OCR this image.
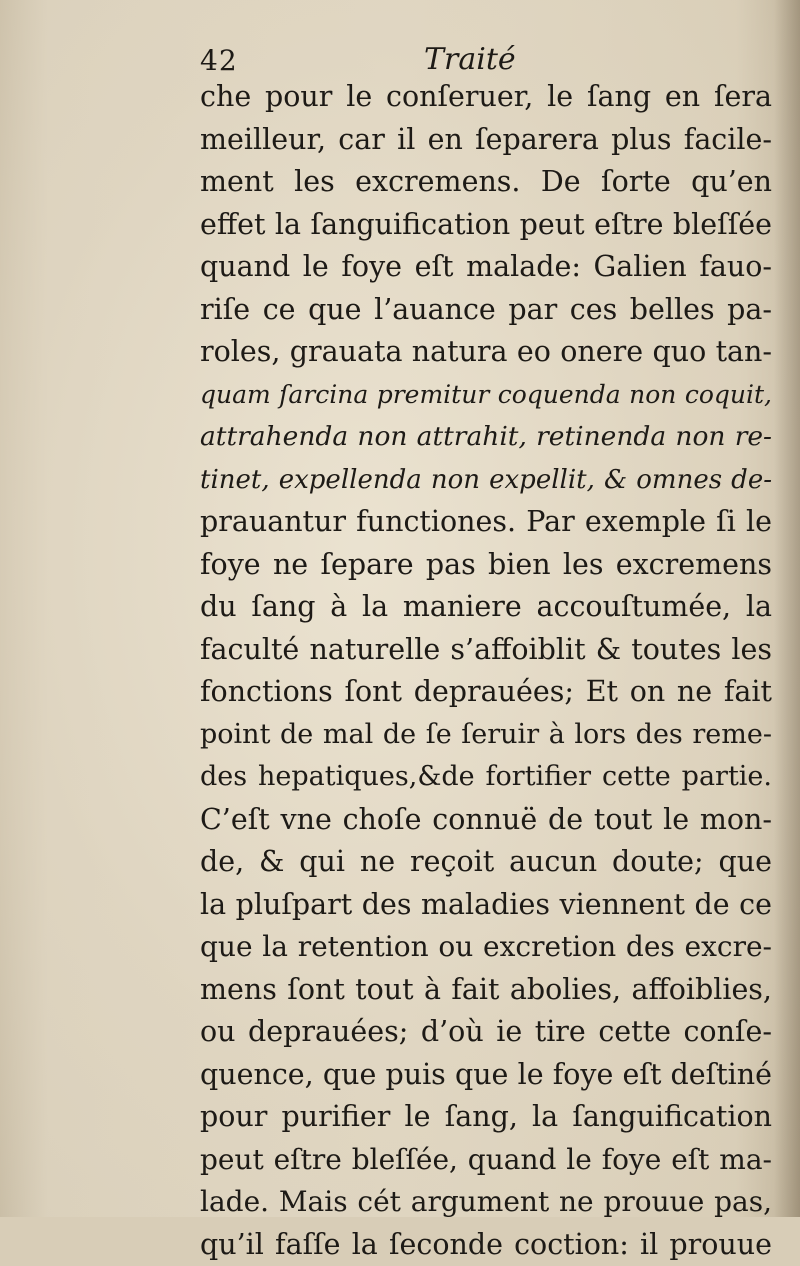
42	Traité
che pour le conſeruer, le ſang en ſera
meilleur, car il en ſeparera plus facile-
ment les excremens. De ſorte qu’en
effet la ſanguification peut eſtre bleſſée
quand le foye eſt malade: Galien fauo-
riſe ce que l’auance par ces belles pa-
roles, grauata natura eo onere quo tan-
quam ſarcina premitur coquenda non coquit,
attrahenda non attrahit, retinenda non re-
tinet, expellenda non expellit, & omnes de-
prauantur functiones. Par exemple ſi le
foye ne ſepare pas bien les excremens
du ſang à la maniere accouſtumée, la
faculté naturelle s’affoiblit & toutes les
fonctions ſont deprauées; Et on ne fait
point de mal de ſe ſeruir à lors des reme-
des hepatiques,&de fortifier cette partie.
C’eſt vne choſe connuë de tout le mon-
de, & qui ne reçoit aucun doute; que
la pluſpart des maladies viennent de ce
que la retention ou excretion des excre-
mens ſont tout à fait abolies, affoiblies,
ou deprauées; d’où ie tire cette conſe-
quence, que puis que le foye eſt deſtiné
pour purifier le ſang, la ſanguification
peut eſtre bleſſée, quand le foye eſt ma-
lade. Mais cét argument ne prouue pas,
qu’il faſſe la ſeconde coction: il prouue
